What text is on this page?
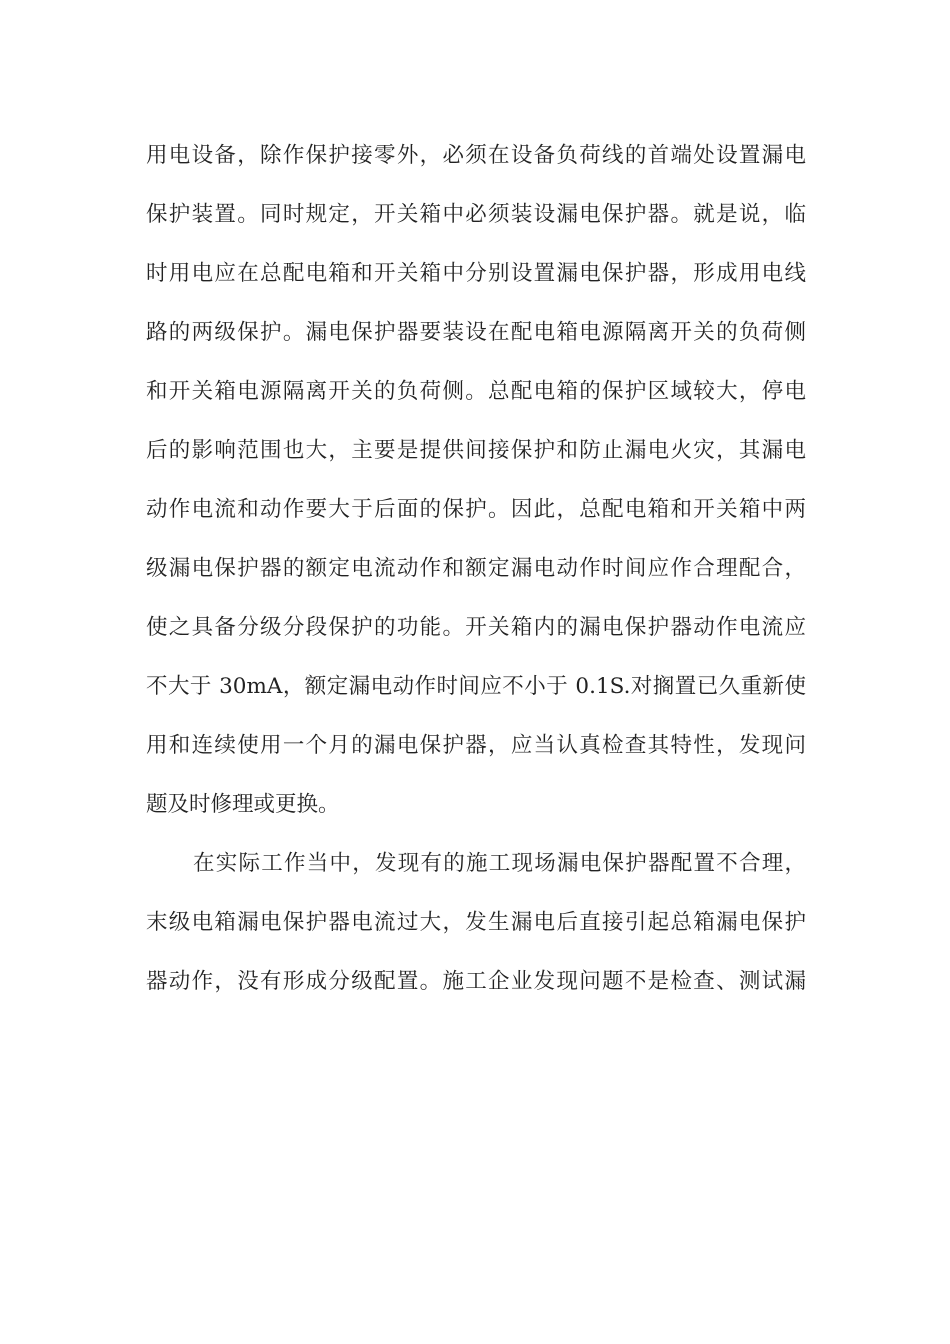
用电设备，除作保护接零外，必须在设备负荷线的首端处设置漏电

保护装置。同时规定，开关箱中必须装设漏电保护器。就是说，临

时用电应在总配电箱和开关箱中分别设置漏电保护器，形成用电线

路的两级保护。漏电保护器要装设在配电箱电源隔离开关的负荷侧

和开关箱电源隔离开关的负荷侧。总配电箱的保护区域较大，停电

后的影响范围也大，主要是提供间接保护和防止漏电火灾，其漏电

动作电流和动作要大于后面的保护。因此，总配电箱和开关箱中两

级漏电保护器的额定电流动作和额定漏电动作时间应作合理配合，

使之具备分级分段保护的功能。开关箱内的漏电保护器动作电流应

不大于 30mA，额定漏电动作时间应不小于 0.1S.对搁置已久重新使

用和连续使用一个月的漏电保护器，应当认真检查其特性，发现问

题及时修理或更换。

在实际工作当中，发现有的施工现场漏电保护器配置不合理，

末级电箱漏电保护器电流过大，发生漏电后直接引起总箱漏电保护

器动作，没有形成分级配置。施工企业发现问题不是检查、测试漏
